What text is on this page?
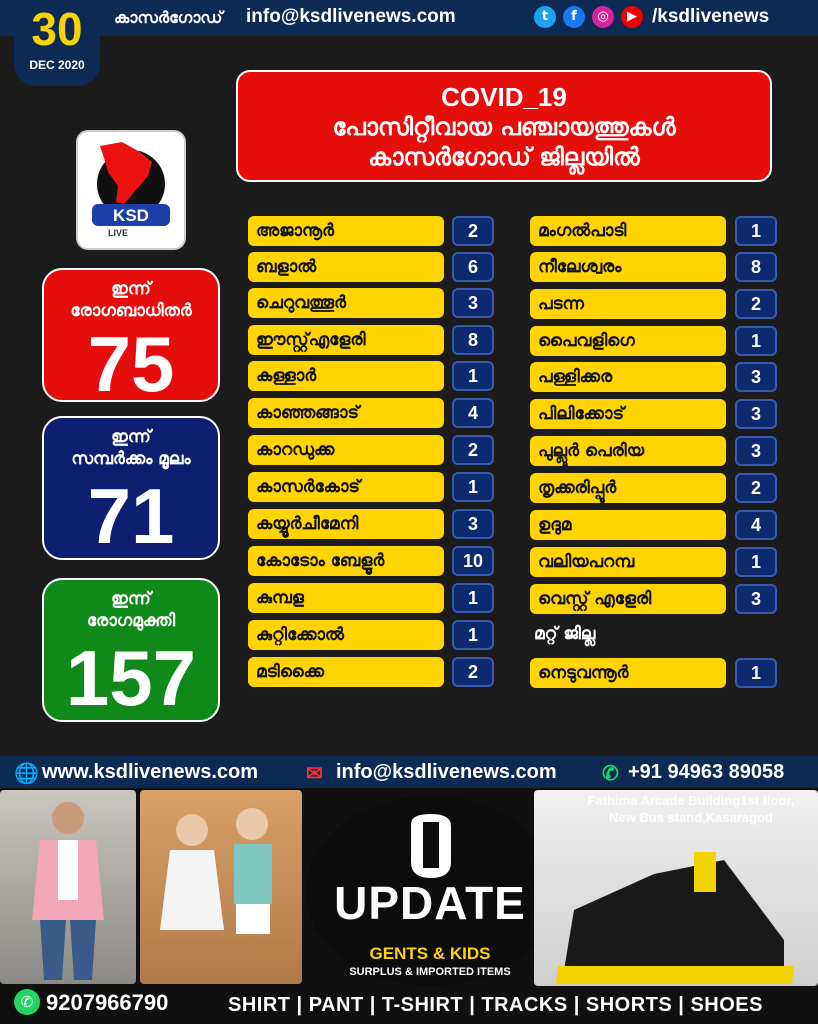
30
DEC 2020
കാസർഗോഡ് info@ksdlivenews.com	t	f	◎	▶ /ksdlivenews
COVID_19
പോസിറ്റീവായ പഞ്ചായത്തുകൾ
കാസർഗോഡ് ജില്ലയിൽ
KSD
LIVE
ഇന്ന്
രോഗബാധിതർ
75
ഇന്ന്
സമ്പർക്കം മൂലം
71
ഇന്ന്
രോഗമുക്തി
157
അജാനൂർ	2
ബളാൽ	6
ചെറുവത്തൂർ	3
ഈസ്റ്റ്എളേരി	8
കള്ളാർ	1
കാഞ്ഞങ്ങാട്	4
കാറഡുക്ക	2
കാസർകോട്	1
കയ്യൂർചീമേനി	3
കോടോം ബേളൂർ	10
കുമ്പള	1
കുറ്റിക്കോൽ	1
മടിക്കൈ	2
മംഗൽപാടി	1
നീലേശ്വരം	8
പടന്ന	2
പൈവളിഗെ	1
പള്ളിക്കര	3
പിലിക്കോട്	3
പുല്ലൂർ പെരിയ	3
തൃക്കരിപ്പൂർ	2
ഉദുമ	4
വലിയപറമ്പ	1
വെസ്റ്റ് എളേരി	3
മറ്റ് ജില്ല
നെടുവന്നൂർ	1
🌐 www.ksdlivenews.com ✉ info@ksdlivenews.com ✆ +91 94963 89058
UPDATE
GENTS & KIDS
SURPLUS & IMPORTED ITEMS
Fathima Arcade Building1st floor,
New Bus stand,Kasaragod
✆ 9207966790	SHIRT | PANT | T-SHIRT | TRACKS | SHORTS | SHOES
